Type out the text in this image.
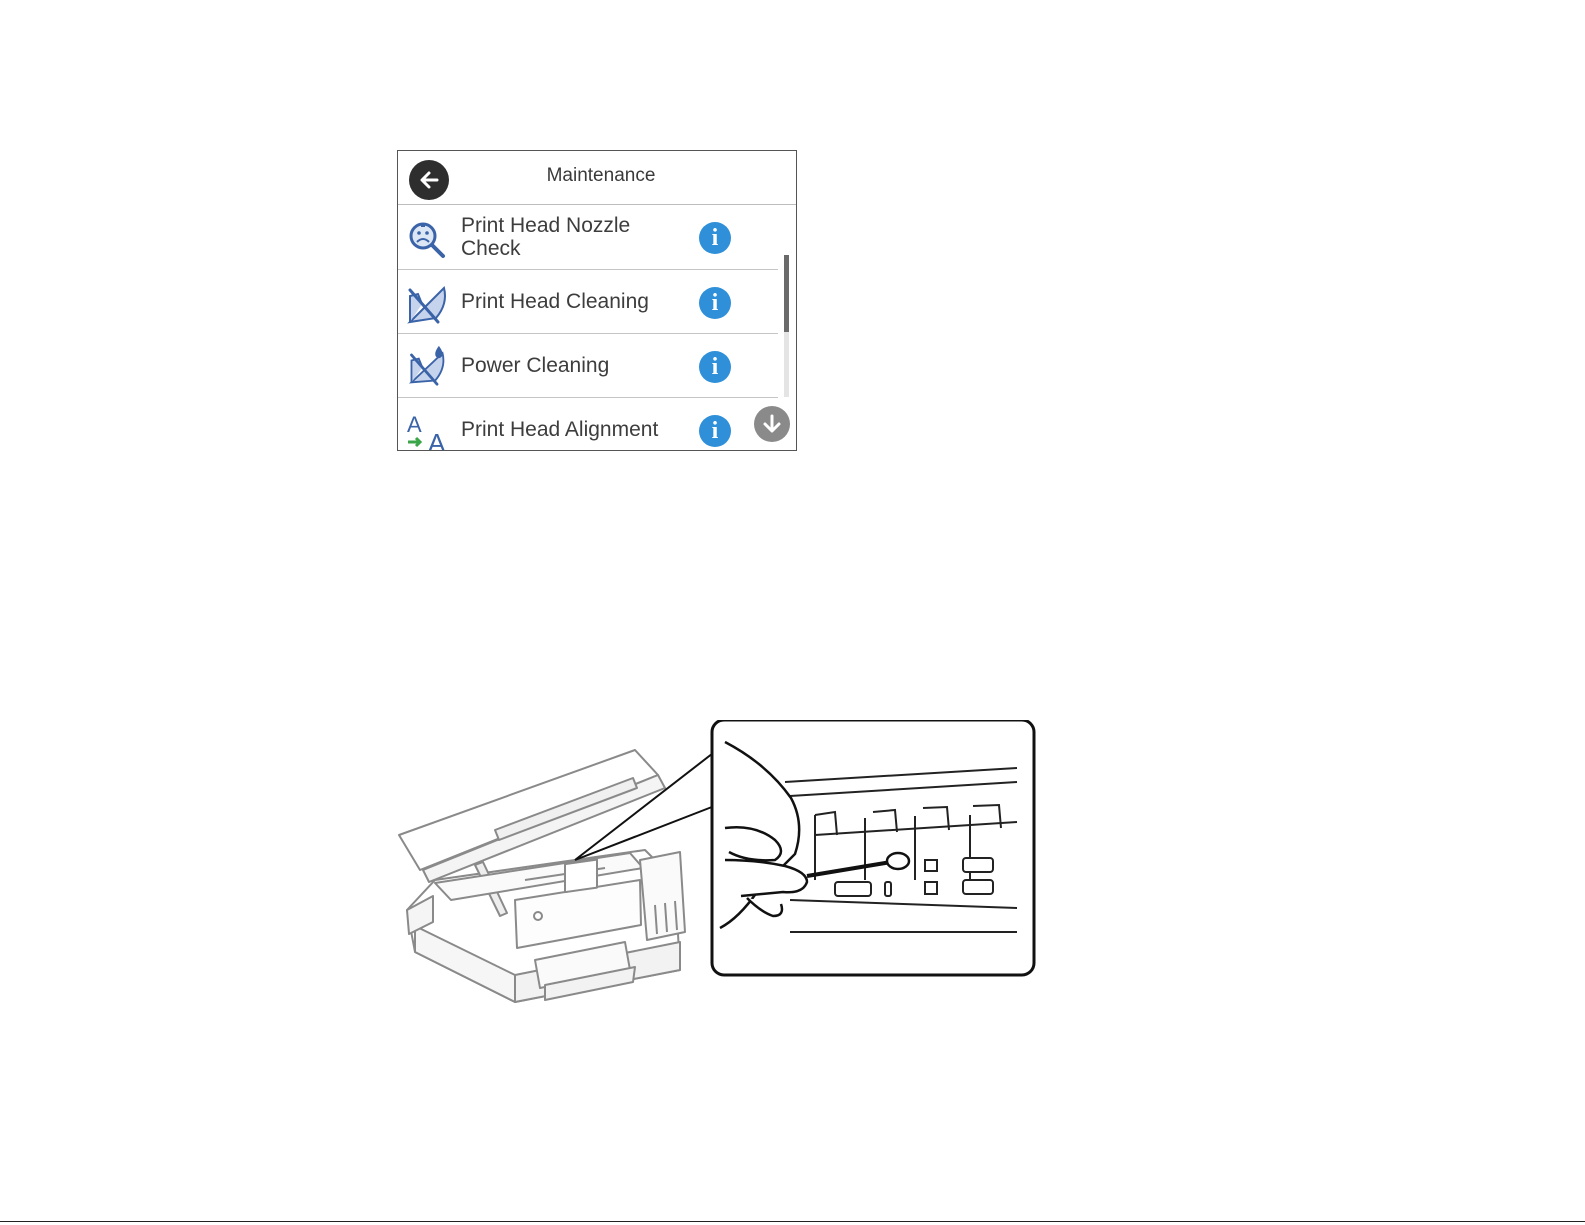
Maintenance
Print Head Nozzle
Check	i
Print Head Cleaning	i
Power Cleaning	i
A
A Print Head Alignment	i
